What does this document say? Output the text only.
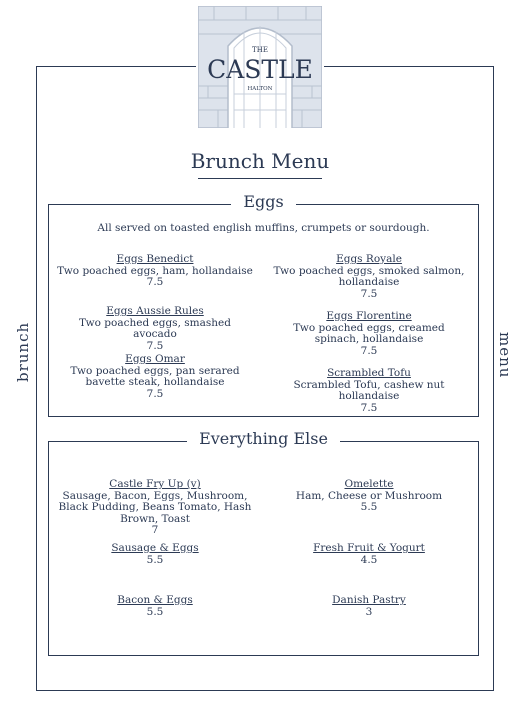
THE
CASTLE
HALTON
brunch	menu
Brunch Menu
Eggs
All served on toasted english muffins, crumpets or sourdough.
Eggs Benedict
Two poached eggs, ham, hollandaise
7.5
Eggs Royale
Two poached eggs, smoked salmon, hollandaise
7.5
Eggs Aussie Rules
Two poached eggs, smashed avocado
7.5
Eggs Florentine
Two poached eggs, creamed spinach, hollandaise
7.5
Eggs Omar
Two poached eggs, pan serared bavette steak, hollandaise
7.5
Scrambled Tofu
Scrambled Tofu, cashew nut hollandaise
7.5
Everything Else
Castle Fry Up (v)
Sausage, Bacon, Eggs, Mushroom, Black Pudding, Beans Tomato, Hash Brown, Toast
7
Omelette
Ham, Cheese or Mushroom
5.5
Sausage & Eggs
5.5
Fresh Fruit & Yogurt
4.5
Bacon & Eggs
5.5
Danish Pastry
3
